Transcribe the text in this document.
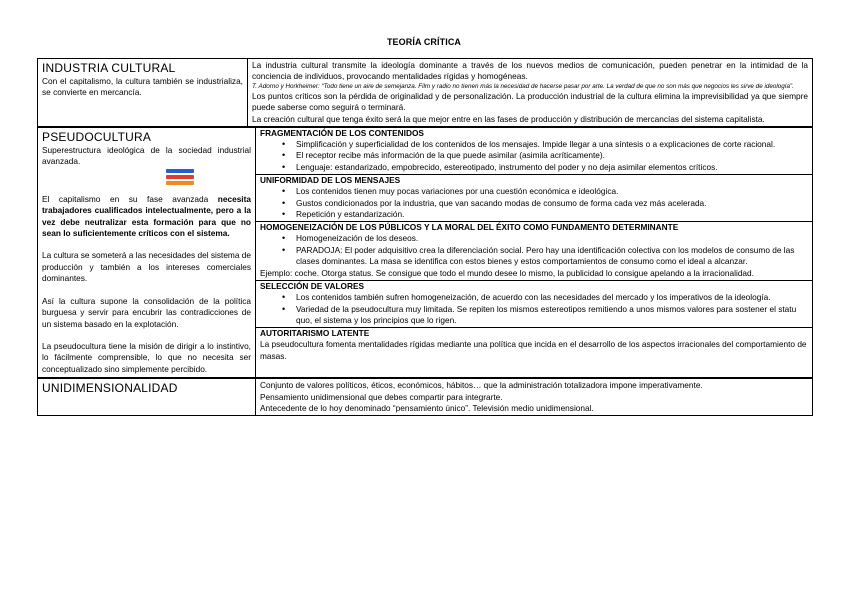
TEORÍA CRÍTICA
INDUSTRIA CULTURAL
Con el capitalismo, la cultura también se industrializa, se convierte en mercancía.
La industria cultural transmite la ideología dominante a través de los nuevos medios de comunicación, pueden penetrar en la intimidad de la conciencia de individuos, provocando mentalidades rígidas y homogéneas.
T. Adorno y Horkheimer: “Todo tiene un aire de semejanza. Film y radio no tienen más la necesidad de hacerse pasar por arte. La verdad de que no son más que negocios les sirve de ideología”.
Los puntos críticos son la pérdida de originalidad y de personalización. La producción industrial de la cultura elimina la imprevisibilidad ya que siempre puede saberse como seguirá o terminará.
La creación cultural que tenga éxito será la que mejor entre en las fases de producción y distribución de mercancías del sistema capitalista.
PSEUDOCULTURA
Superestructura ideológica de la sociedad industrial avanzada.
El capitalismo en su fase avanzada necesita trabajadores cualificados intelectualmente, pero a la vez debe neutralizar esta formación para que no sean lo suficientemente críticos con el sistema.
La cultura se someterá a las necesidades del sistema de producción y también a los intereses comerciales dominantes.
Así la cultura supone la consolidación de la política burguesa y servir para encubrir las contradicciones de un sistema basado en la explotación.
La pseudocultura tiene la misión de dirigir a lo instintivo, lo fácilmente comprensible, lo que no necesita ser conceptualizado sino simplemente percibido.
FRAGMENTACIÓN DE LOS CONTENIDOS
• Simplificación y superficialidad de los contenidos de los mensajes. Impide llegar a una síntesis o a explicaciones de corte racional.
• El receptor recibe más información de la que puede asimilar (asimila acríticamente).
• Lenguaje: estandarizado, empobrecido, estereotipado, instrumento del poder y no deja asimilar elementos críticos.
UNIFORMIDAD DE LOS MENSAJES
• Los contenidos tienen muy pocas variaciones por una cuestión económica e ideológica.
• Gustos condicionados por la industria, que van sacando modas de consumo de forma cada vez más acelerada.
• Repetición y estandarización.
HOMOGENEIZACIÓN DE LOS PÚBLICOS Y LA MORAL DEL ÉXITO COMO FUNDAMENTO DETERMINANTE
• Homogeneización de los deseos.
• PARADOJA: El poder adquisitivo crea la diferenciación social. Pero hay una identificación colectiva con los modelos de consumo de las clases dominantes. La masa se identifica con estos bienes y estos comportamientos de consumo como el ideal a alcanzar.
Ejemplo: coche. Otorga status. Se consigue que todo el mundo desee lo mismo, la publicidad lo consigue apelando a la irracionalidad.
SELECCIÓN DE VALORES
• Los contenidos también sufren homogeneización, de acuerdo con las necesidades del mercado y los imperativos de la ideología.
• Variedad de la pseudocultura muy limitada. Se repiten los mismos estereotipos remitiendo a unos mismos valores para sostener el statu quo, el sistema y los principios que lo rigen.
AUTORITARISMO LATENTE
La pseudocultura fomenta mentalidades rígidas mediante una política que incida en el desarrollo de los aspectos irracionales del comportamiento de masas.
UNIDIMENSIONALIDAD	Conjunto de valores políticos, éticos, económicos, hábitos… que la administración totalizadora impone imperativamente.
Pensamiento unidimensional que debes compartir para integrarte.
Antecedente de lo hoy denominado “pensamiento único”. Televisión medio unidimensional.
